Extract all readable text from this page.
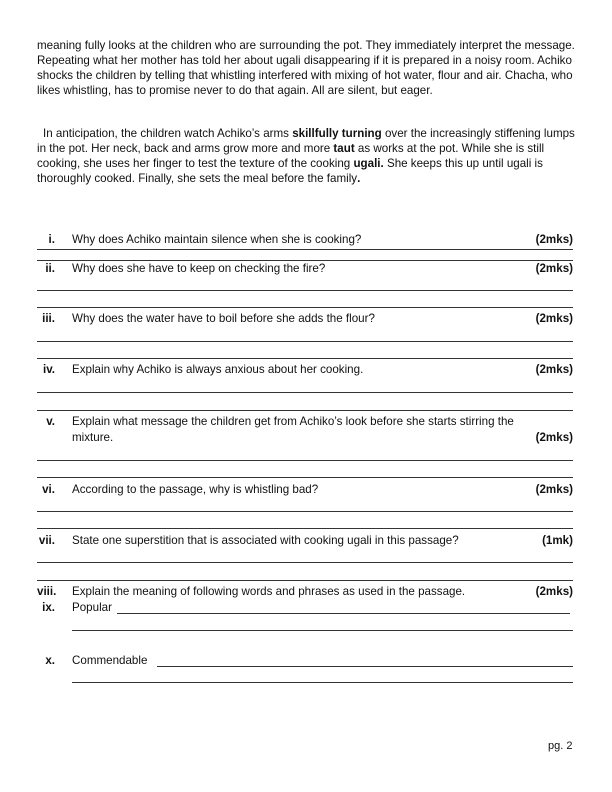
meaning fully looks at the children who are surrounding the pot. They immediately interpret the message. Repeating what her mother has told her about ugali disappearing if it is prepared in a noisy room. Achiko shocks the children by telling that whistling interfered with mixing of hot water, flour and air. Chacha, who likes whistling, has to promise never to do that again. All are silent, but eager.
In anticipation, the children watch Achiko’s arms skillfully turning over the increasingly stiffening lumps in the pot. Her neck, back and arms grow more and more taut as works at the pot. While she is still cooking, she uses her finger to test the texture of the cooking ugali. She keeps this up until ugali is thoroughly cooked. Finally, she sets the meal before the family.
i. Why does Achiko maintain silence when she is cooking?	(2mks)
ii. Why does she have to keep on checking the fire?	(2mks)
iii. Why does the water have to boil before she adds the flour?	(2mks)
iv. Explain why Achiko is always anxious about her cooking.	(2mks)
v. Explain what message the children get from Achiko’s look before she starts stirring the
mixture.	(2mks)
vi. According to the passage, why is whistling bad?	(2mks)
vii. State one superstition that is associated with cooking ugali in this passage?	(1mk)
viii. Explain the meaning of following words and phrases as used in the passage.	(2mks)
ix. Popular
x. Commendable
pg. 2
